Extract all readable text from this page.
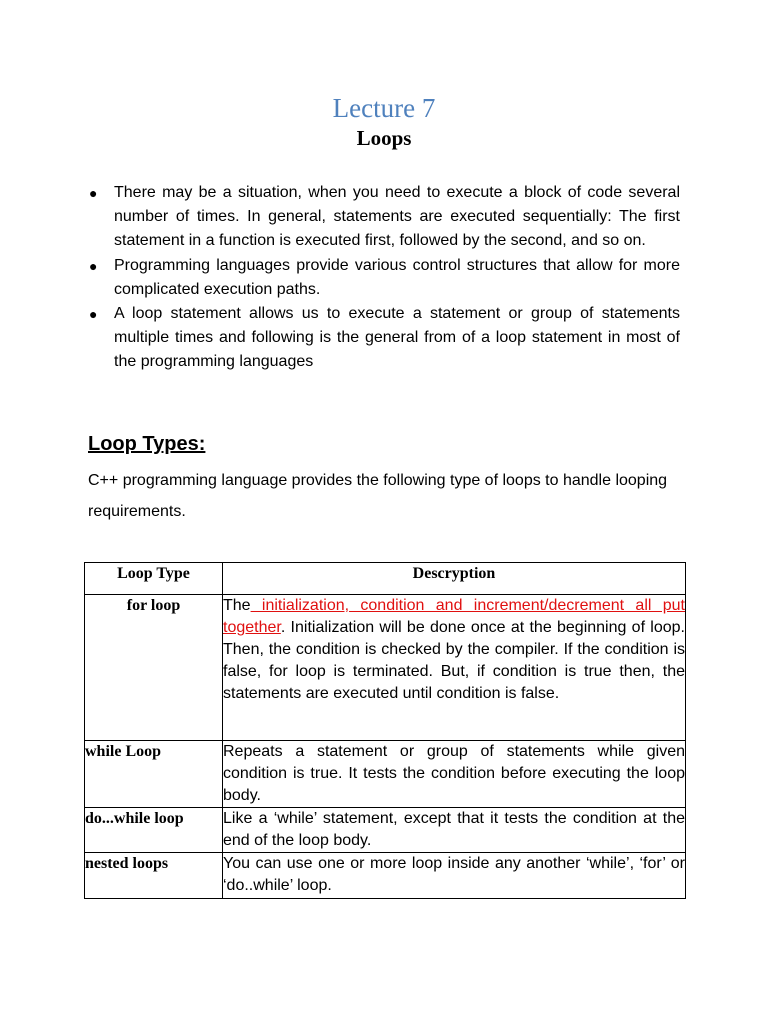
Lecture 7
Loops
● There may be a situation, when you need to execute a block of code several number of times. In general, statements are executed sequentially: The first statement in a function is executed first, followed by the second, and so on.
● Programming languages provide various control structures that allow for more complicated execution paths.
● A loop statement allows us to execute a statement or group of statements multiple times and following is the general from of a loop statement in most of the programming languages
Loop Types:
C++ programming language provides the following type of loops to handle looping requirements.
Loop Type	Descryption
for loop	The initialization, condition and increment/decrement all put together. Initialization will be done once at the beginning of loop. Then, the condition is checked by the compiler. If the condition is false, for loop is terminated. But, if condition is true then, the statements are executed until condition is false.
while Loop	Repeats a statement or group of statements while given condition is true. It tests the condition before executing the loop body.
do...while loop	Like a ‘while’ statement, except that it tests the condition at the end of the loop body.
nested loops	You can use one or more loop inside any another ‘while’, ‘for’ or ‘do..while’ loop.
